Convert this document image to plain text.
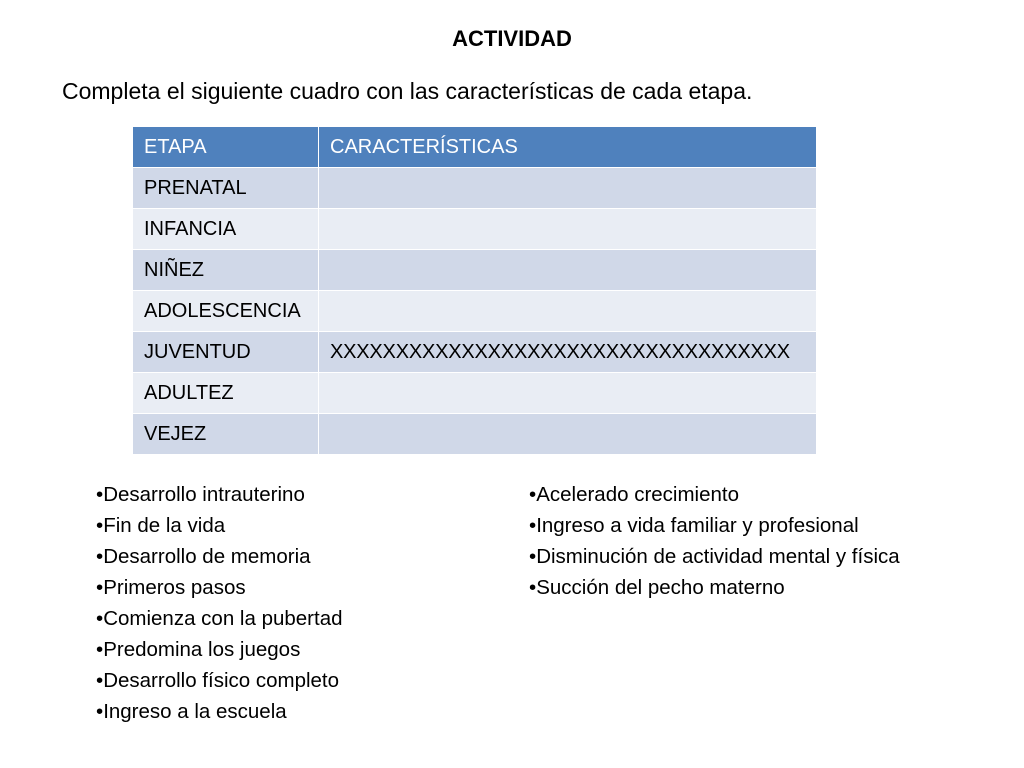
ACTIVIDAD
Completa el siguiente cuadro con las características de cada etapa.
ETAPA	CARACTERÍSTICAS
PRENATAL	
INFANCIA	
NIÑEZ	
ADOLESCENCIA	
JUVENTUD	XXXXXXXXXXXXXXXXXXXXXXXXXXXXXXXXXXX
ADULTEZ	
VEJEZ	
• Desarrollo intrauterino
• Fin de la vida
• Desarrollo de memoria
• Primeros pasos
• Comienza con la pubertad
• Predomina los juegos
• Desarrollo físico completo
• Ingreso a la escuela
• Acelerado crecimiento
• Ingreso a vida familiar y profesional
• Disminución de actividad mental y física
• Succión del pecho materno
